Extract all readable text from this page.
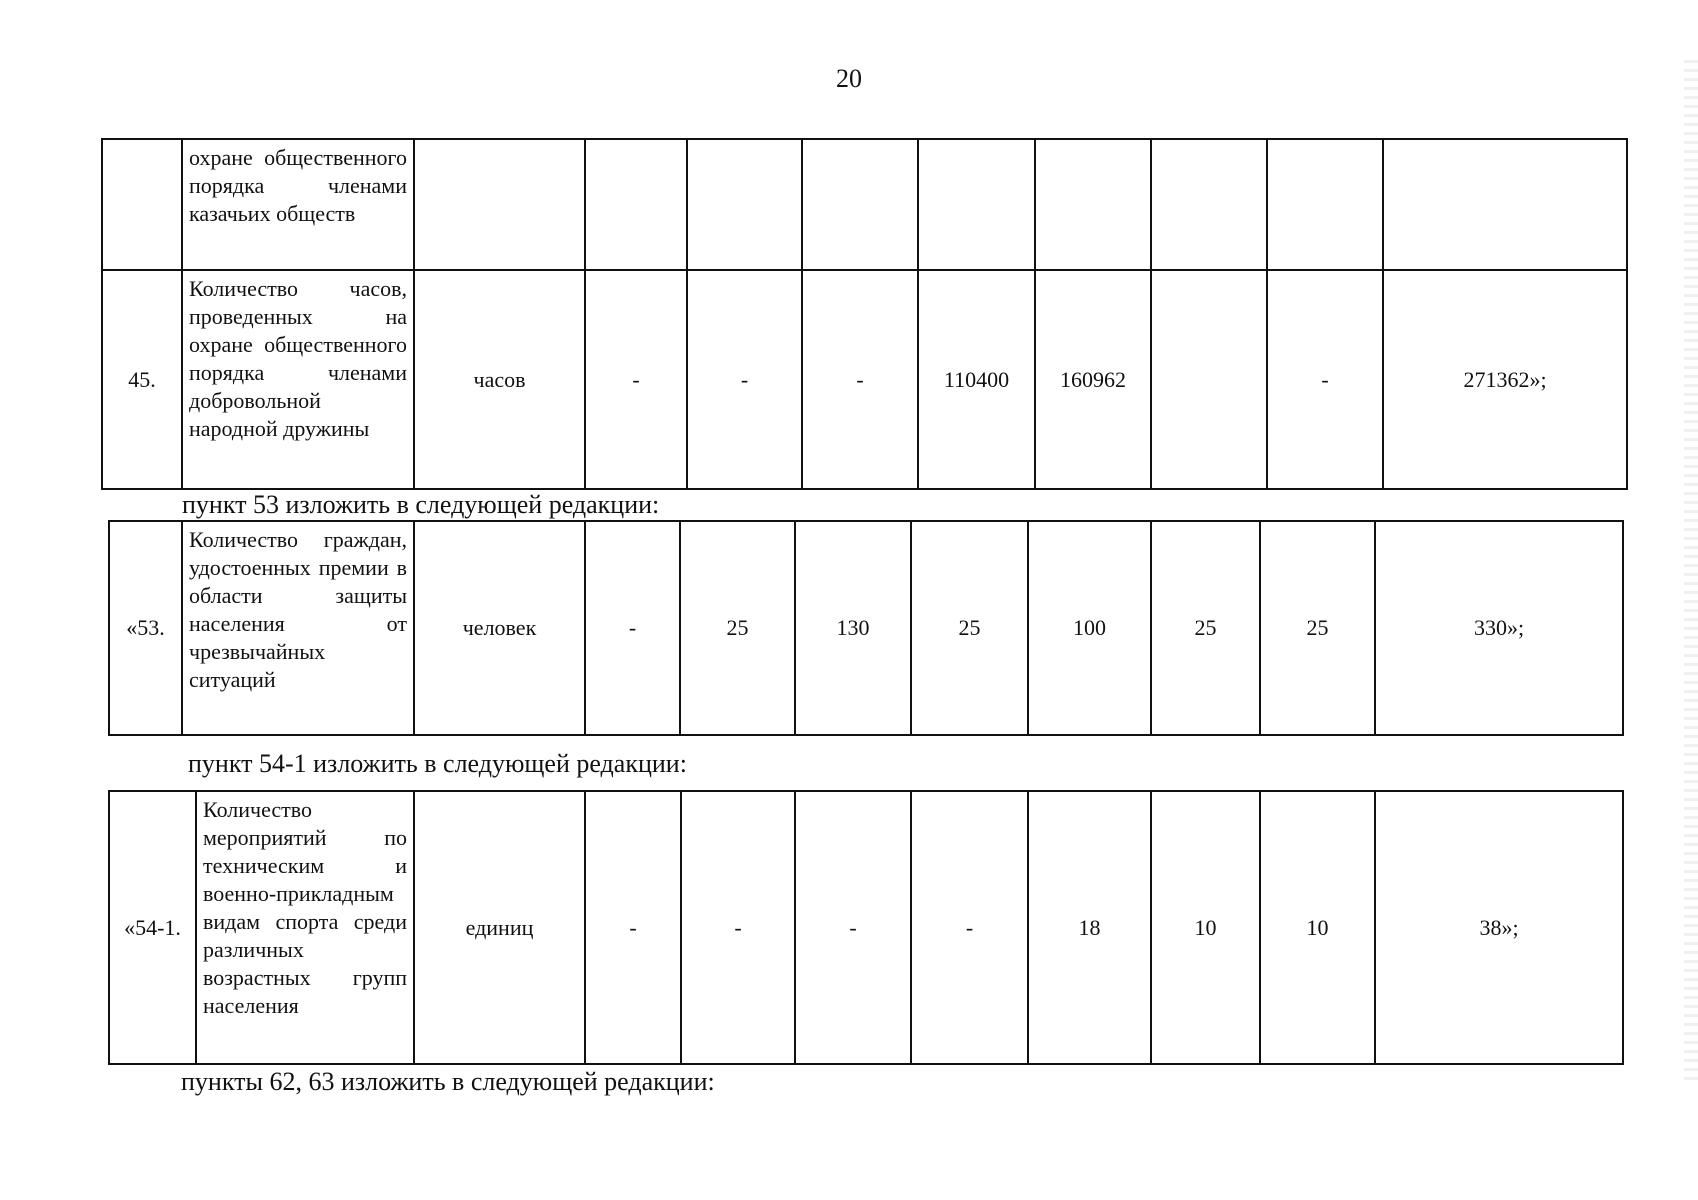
20
	охране общественного порядка членами казачьих обществ									
45.	Количество часов, проведенных на охране общественного порядка членами добровольной народной дружины	часов	-	-	-	110400	160962		-	271362»;
пункт 53 изложить в следующей редакции:
«53.	Количество граждан, удостоенных премии в области защиты населения от чрезвычайных ситуаций	человек	-	25	130	25	100	25	25	330»;
пункт 54-1 изложить в следующей редакции:
«54-1.	Количество мероприятий по техническим и военно-прикладным видам спорта среди различных возрастных групп населения	единиц	-	-	-	-	18	10	10	38»;
пункты 62, 63 изложить в следующей редакции:
